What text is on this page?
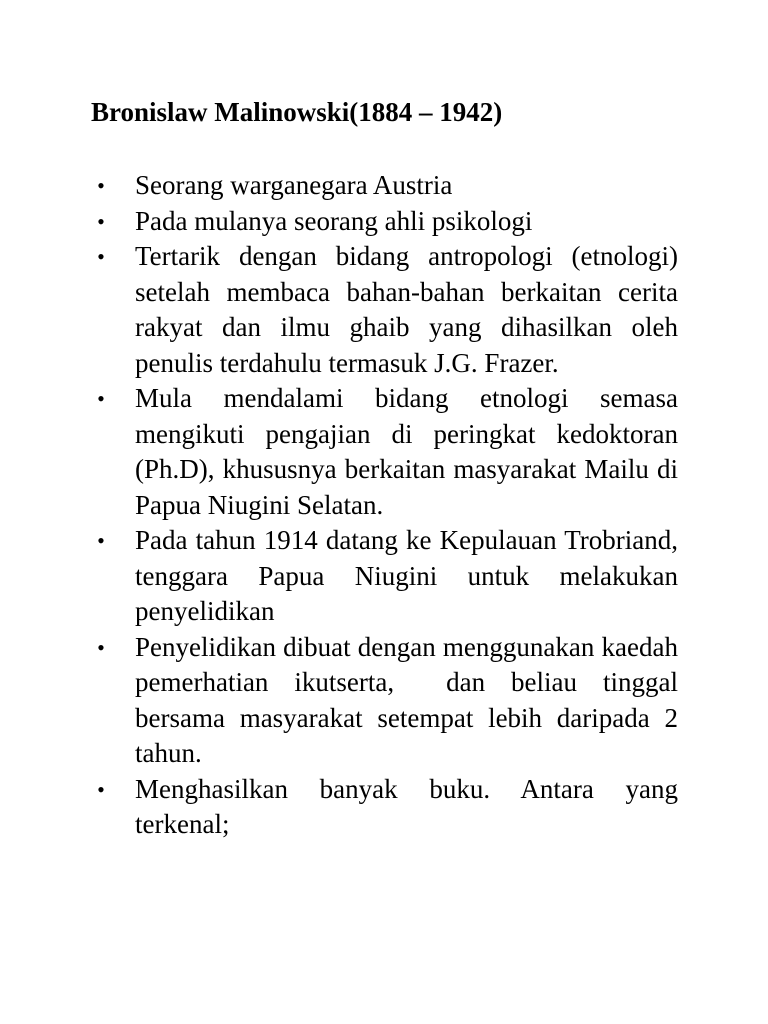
Bronislaw Malinowski(1884 – 1942)
• Seorang warganegara Austria
• Pada mulanya seorang ahli psikologi
• Tertarik dengan bidang antropologi (etnologi) setelah membaca bahan-bahan berkaitan cerita rakyat dan ilmu ghaib yang dihasilkan oleh penulis terdahulu termasuk J.G. Frazer.
• Mula mendalami bidang etnologi semasa mengikuti pengajian di peringkat kedoktoran (Ph.D), khususnya berkaitan masyarakat Mailu di Papua Niugini Selatan.
• Pada tahun 1914 datang ke Kepulauan Trobriand, tenggara Papua Niugini untuk melakukan penyelidikan
• Penyelidikan dibuat dengan menggunakan kaedah pemerhatian ikutserta,  dan beliau tinggal bersama masyarakat setempat lebih daripada 2 tahun.
• Menghasilkan banyak buku. Antara yang terkenal;
